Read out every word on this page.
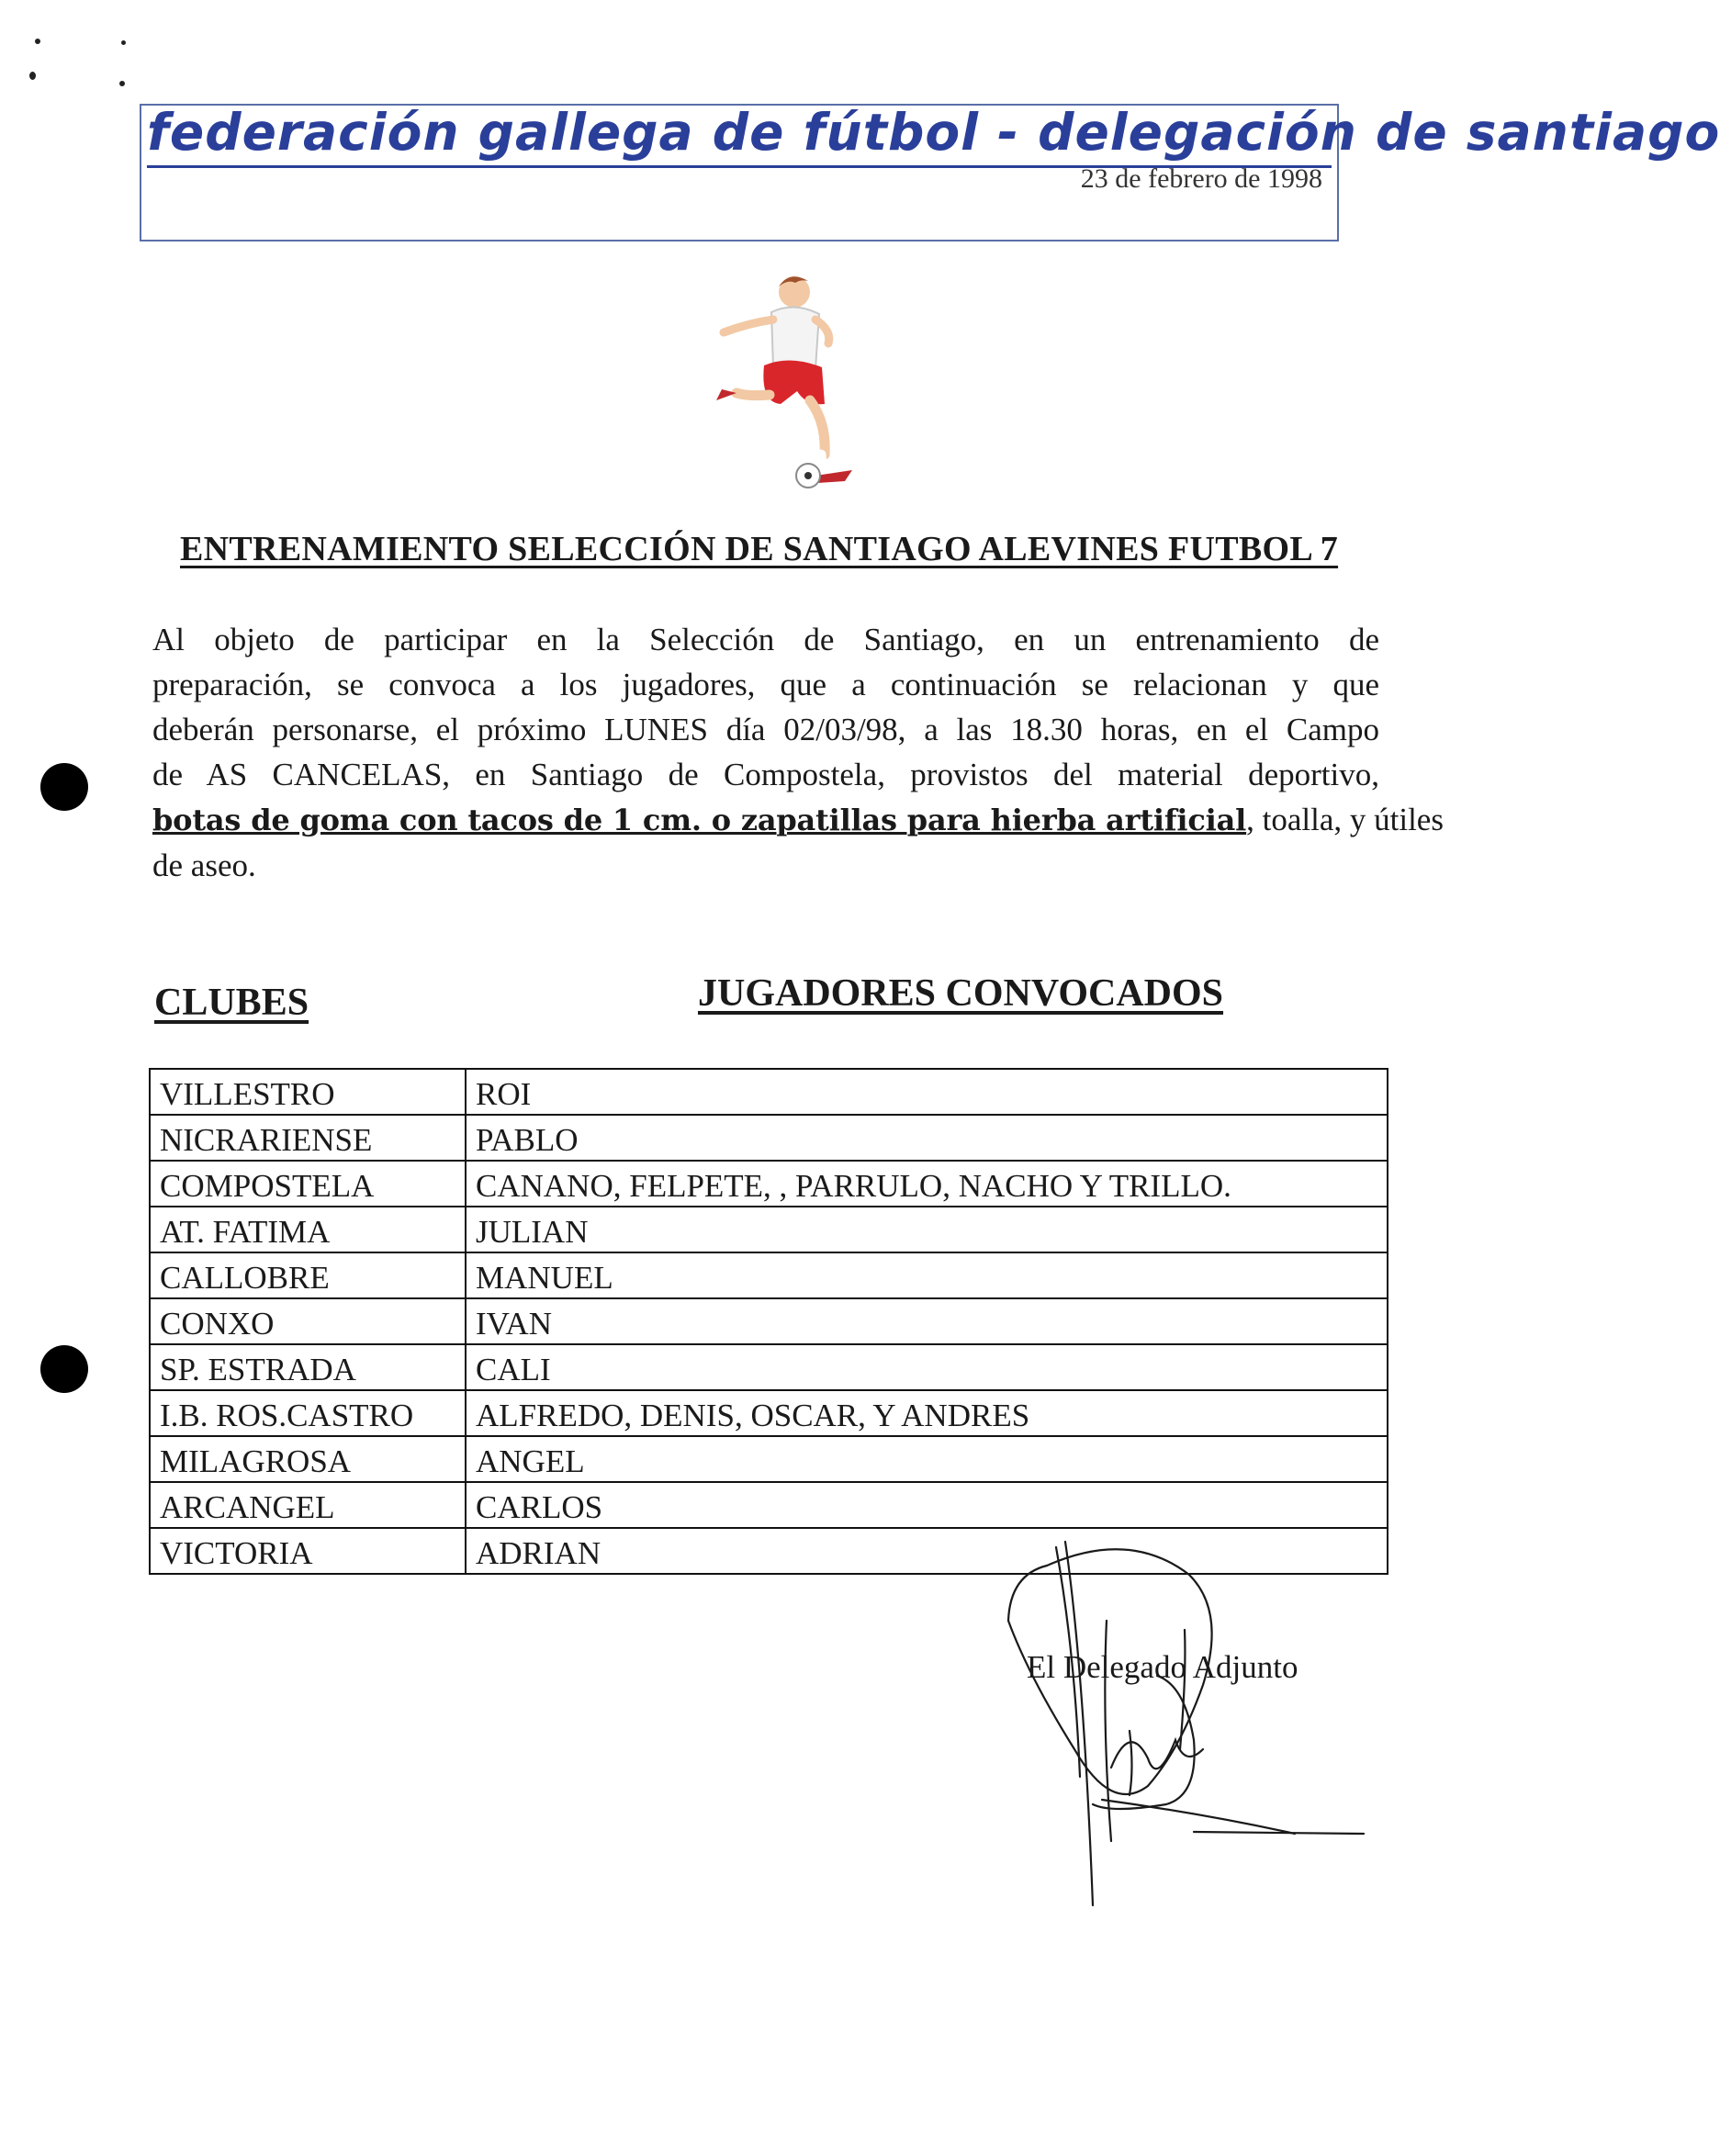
federación gallega de fútbol - delegación de santiago
23 de febrero de 1998
ENTRENAMIENTO SELECCIÓN DE SANTIAGO ALEVINES FUTBOL 7
Al objeto de participar en la Selección de Santiago, en un entrenamiento de
preparación, se convoca a los jugadores, que a continuación se relacionan y que
deberán personarse, el próximo LUNES día 02/03/98, a las 18.30 horas, en el Campo
de AS CANCELAS, en Santiago de Compostela, provistos del material deportivo,
botas de goma con tacos de 1 cm. o zapatillas para hierba artificial, toalla, y útiles
de aseo.
CLUBES	JUGADORES CONVOCADOS
VILLESTRO	ROI
NICRARIENSE	PABLO
COMPOSTELA	CANANO, FELPETE, , PARRULO, NACHO Y TRILLO.
AT. FATIMA	JULIAN
CALLOBRE	MANUEL
CONXO	IVAN
SP. ESTRADA	CALI
I.B. ROS.CASTRO	ALFREDO, DENIS, OSCAR, Y ANDRES
MILAGROSA	ANGEL
ARCANGEL	CARLOS
VICTORIA	ADRIAN
El Delegado Adjunto
